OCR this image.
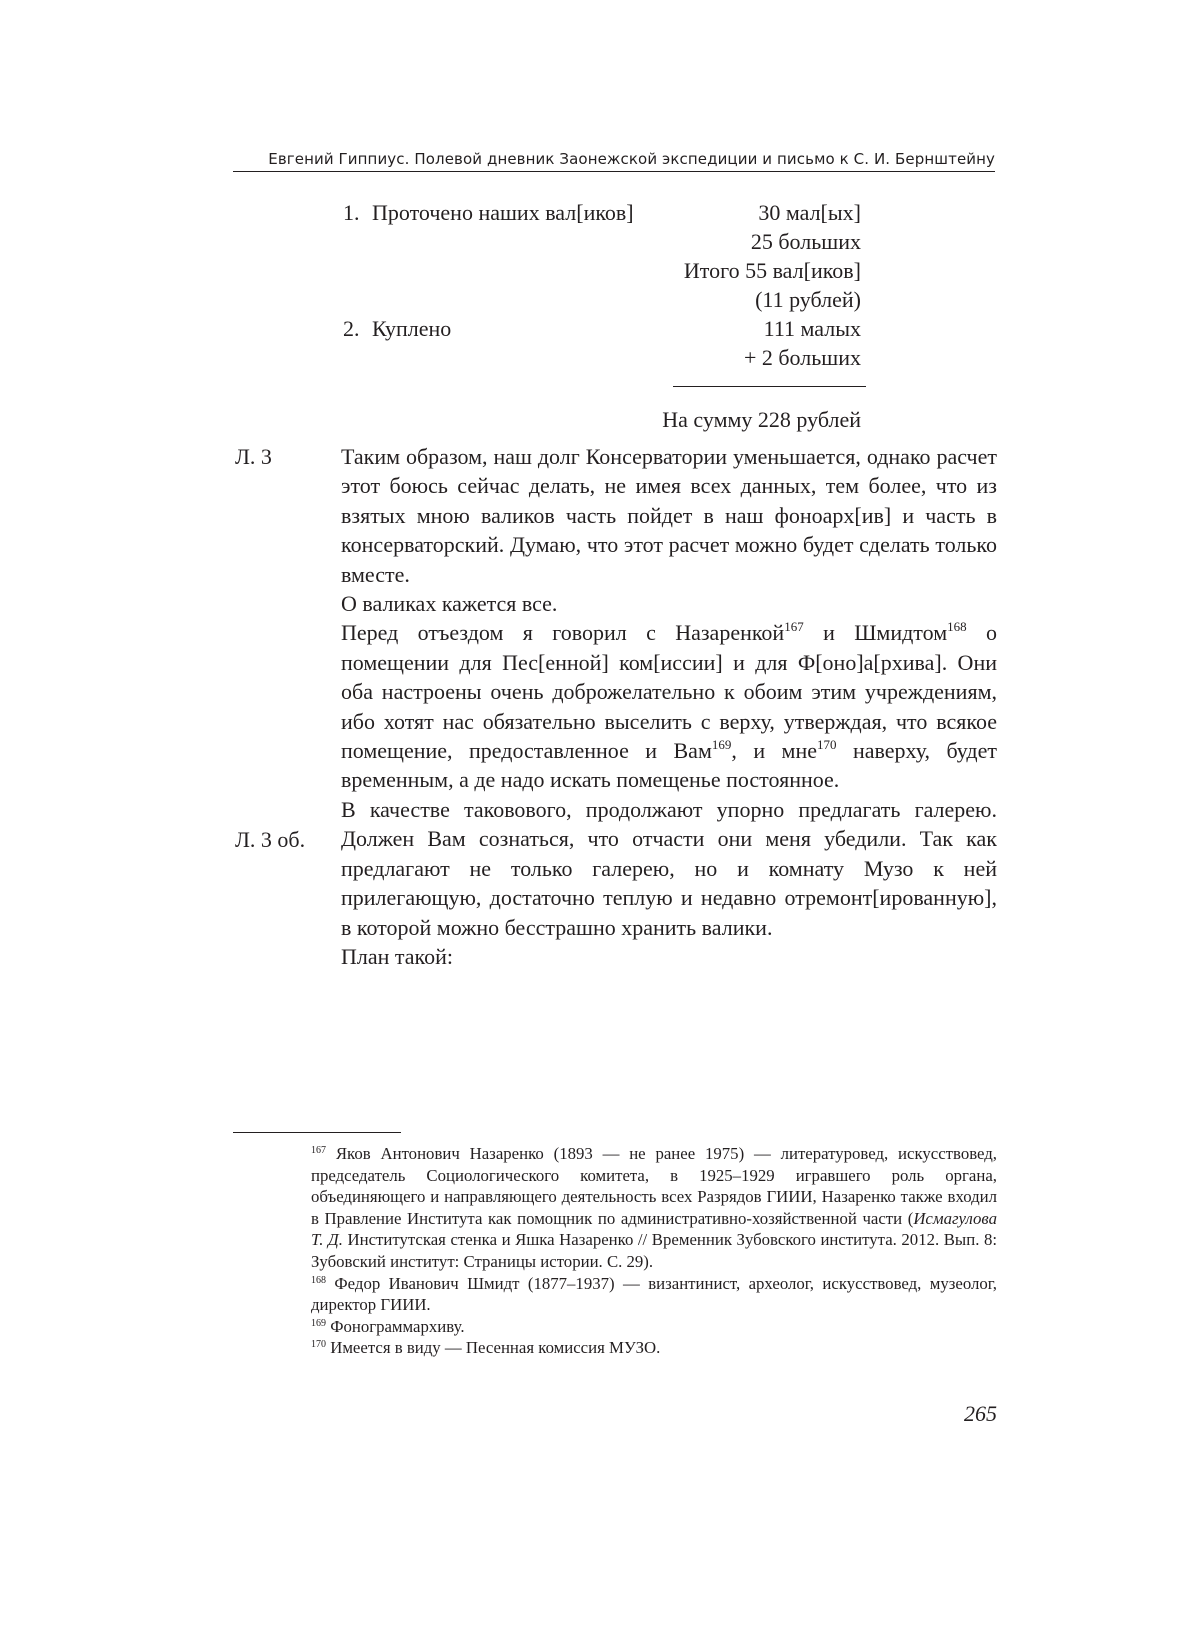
Евгений Гиппиус. Полевой дневник Заонежской экспедиции и письмо к С. И. Бернштейну
1. Проточено наших вал[иков]	30 мал[ых]
25 больших
Итого 55 вал[иков]
(11 рублей)
2. Куплено	111 малых
+ 2 больших
На сумму 228 рублей
Л. 3
Л. 3 об.

Таким образом, наш долг Консерватории уменьшается, однако расчет этот боюсь сейчас делать, не имея всех данных, тем более, что из взятых мною валиков часть пойдет в наш фоноарх[ив] и часть в консерваторский. Думаю, что этот расчет можно будет сделать только вместе.

О валиках кажется все.

Перед отъездом я говорил с Назаренкой$^{167}$ и Шмидтом$^{168}$ о помещении для Пес[енной] ком[иссии] и для Ф[оно]а[рхива]. Они оба настроены очень доброжелательно к обоим этим учреждениям, ибо хотят нас обязательно выселить с верху, утверждая, что всякое помещение, предоставленное и Вам$^{169}$, и мне$^{170}$ наверху, будет временным, а де надо искать помещенье постоянное.

В качестве таковового, продолжают упорно предлагать галерею. Должен Вам сознаться, что отчасти они меня убедили. Так как предлагают не только галерею, но и комнату Музо к ней прилегающую, достаточно теплую и недавно отремонт[ированную], в которой можно бесстрашно хранить валики.

План такой:

$^{167}$ Яков Антонович Назаренко (1893 — не ранее 1975) — литературовед, искусствовед, председатель Социологического комитета, в 1925–1929 игравшего роль органа, объединяющего и направляющего деятельность всех Разрядов ГИИИ, Назаренко также входил в Правление Института как помощник по административно-хозяйственной части (Исмагулова Т. Д. Институтская стенка и Яшка Назаренко // Временник Зубовского института. 2012. Вып. 8: Зубовский институт: Страницы истории. С. 29).

$^{168}$ Федор Иванович Шмидт (1877–1937) — византинист, археолог, искусствовед, музеолог, директор ГИИИ.

$^{169}$ Фонограммархиву.

$^{170}$ Имеется в виду — Песенная комиссия МУЗО.

265
